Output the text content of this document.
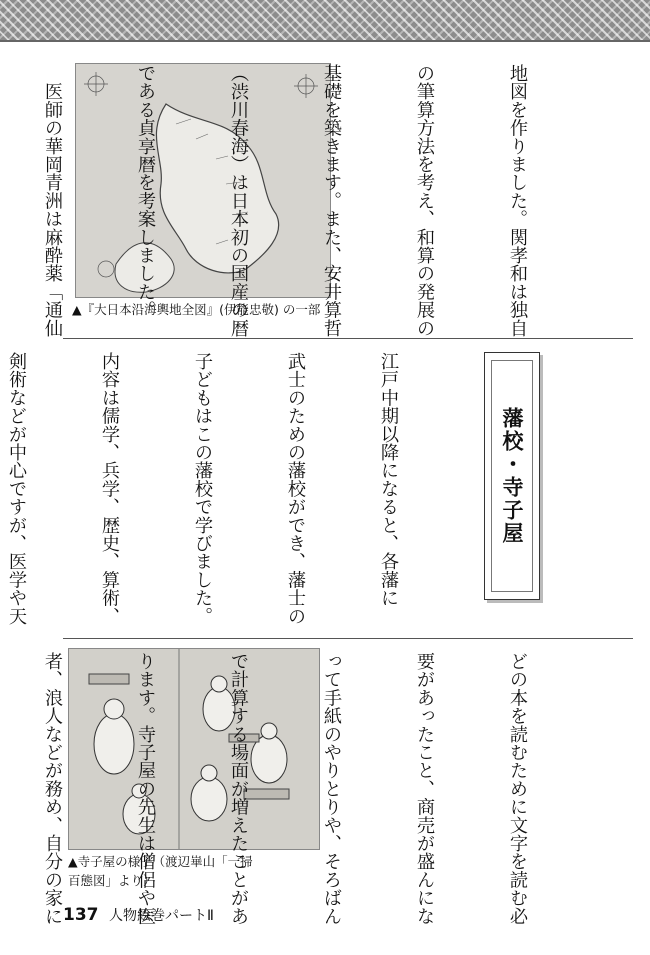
▲『大日本沿海輿地全図』(伊能忠敬) の一部

	地図を作りました。関孝和は独自

の筆算方法を考え、和算の発展の

基礎を築きます。また、安井算哲

（渋川春海）は日本初の国産の暦

である貞享暦を考案しました。

　医師の華岡青洲は麻酔薬「通仙

藩校・寺子屋

江戸中期以降になると、各藩に

武士のための藩校ができ、藩士の

子どもはこの藩校で学びました。

内容は儒学、兵学、歴史、算術、

剣術などが中心ですが、医学や天

▲寺子屋の様子（渡辺崋山「一掃
百態図」より）

	どの本を読むために文字を読む必

要があったこと、商売が盛んにな

って手紙のやりとりや、そろばん

で計算する場面が増えたことがあ

ります。寺子屋の先生は僧侶や医

者、浪人などが務め、自分の家に

137 人物絵巻パートⅡ
